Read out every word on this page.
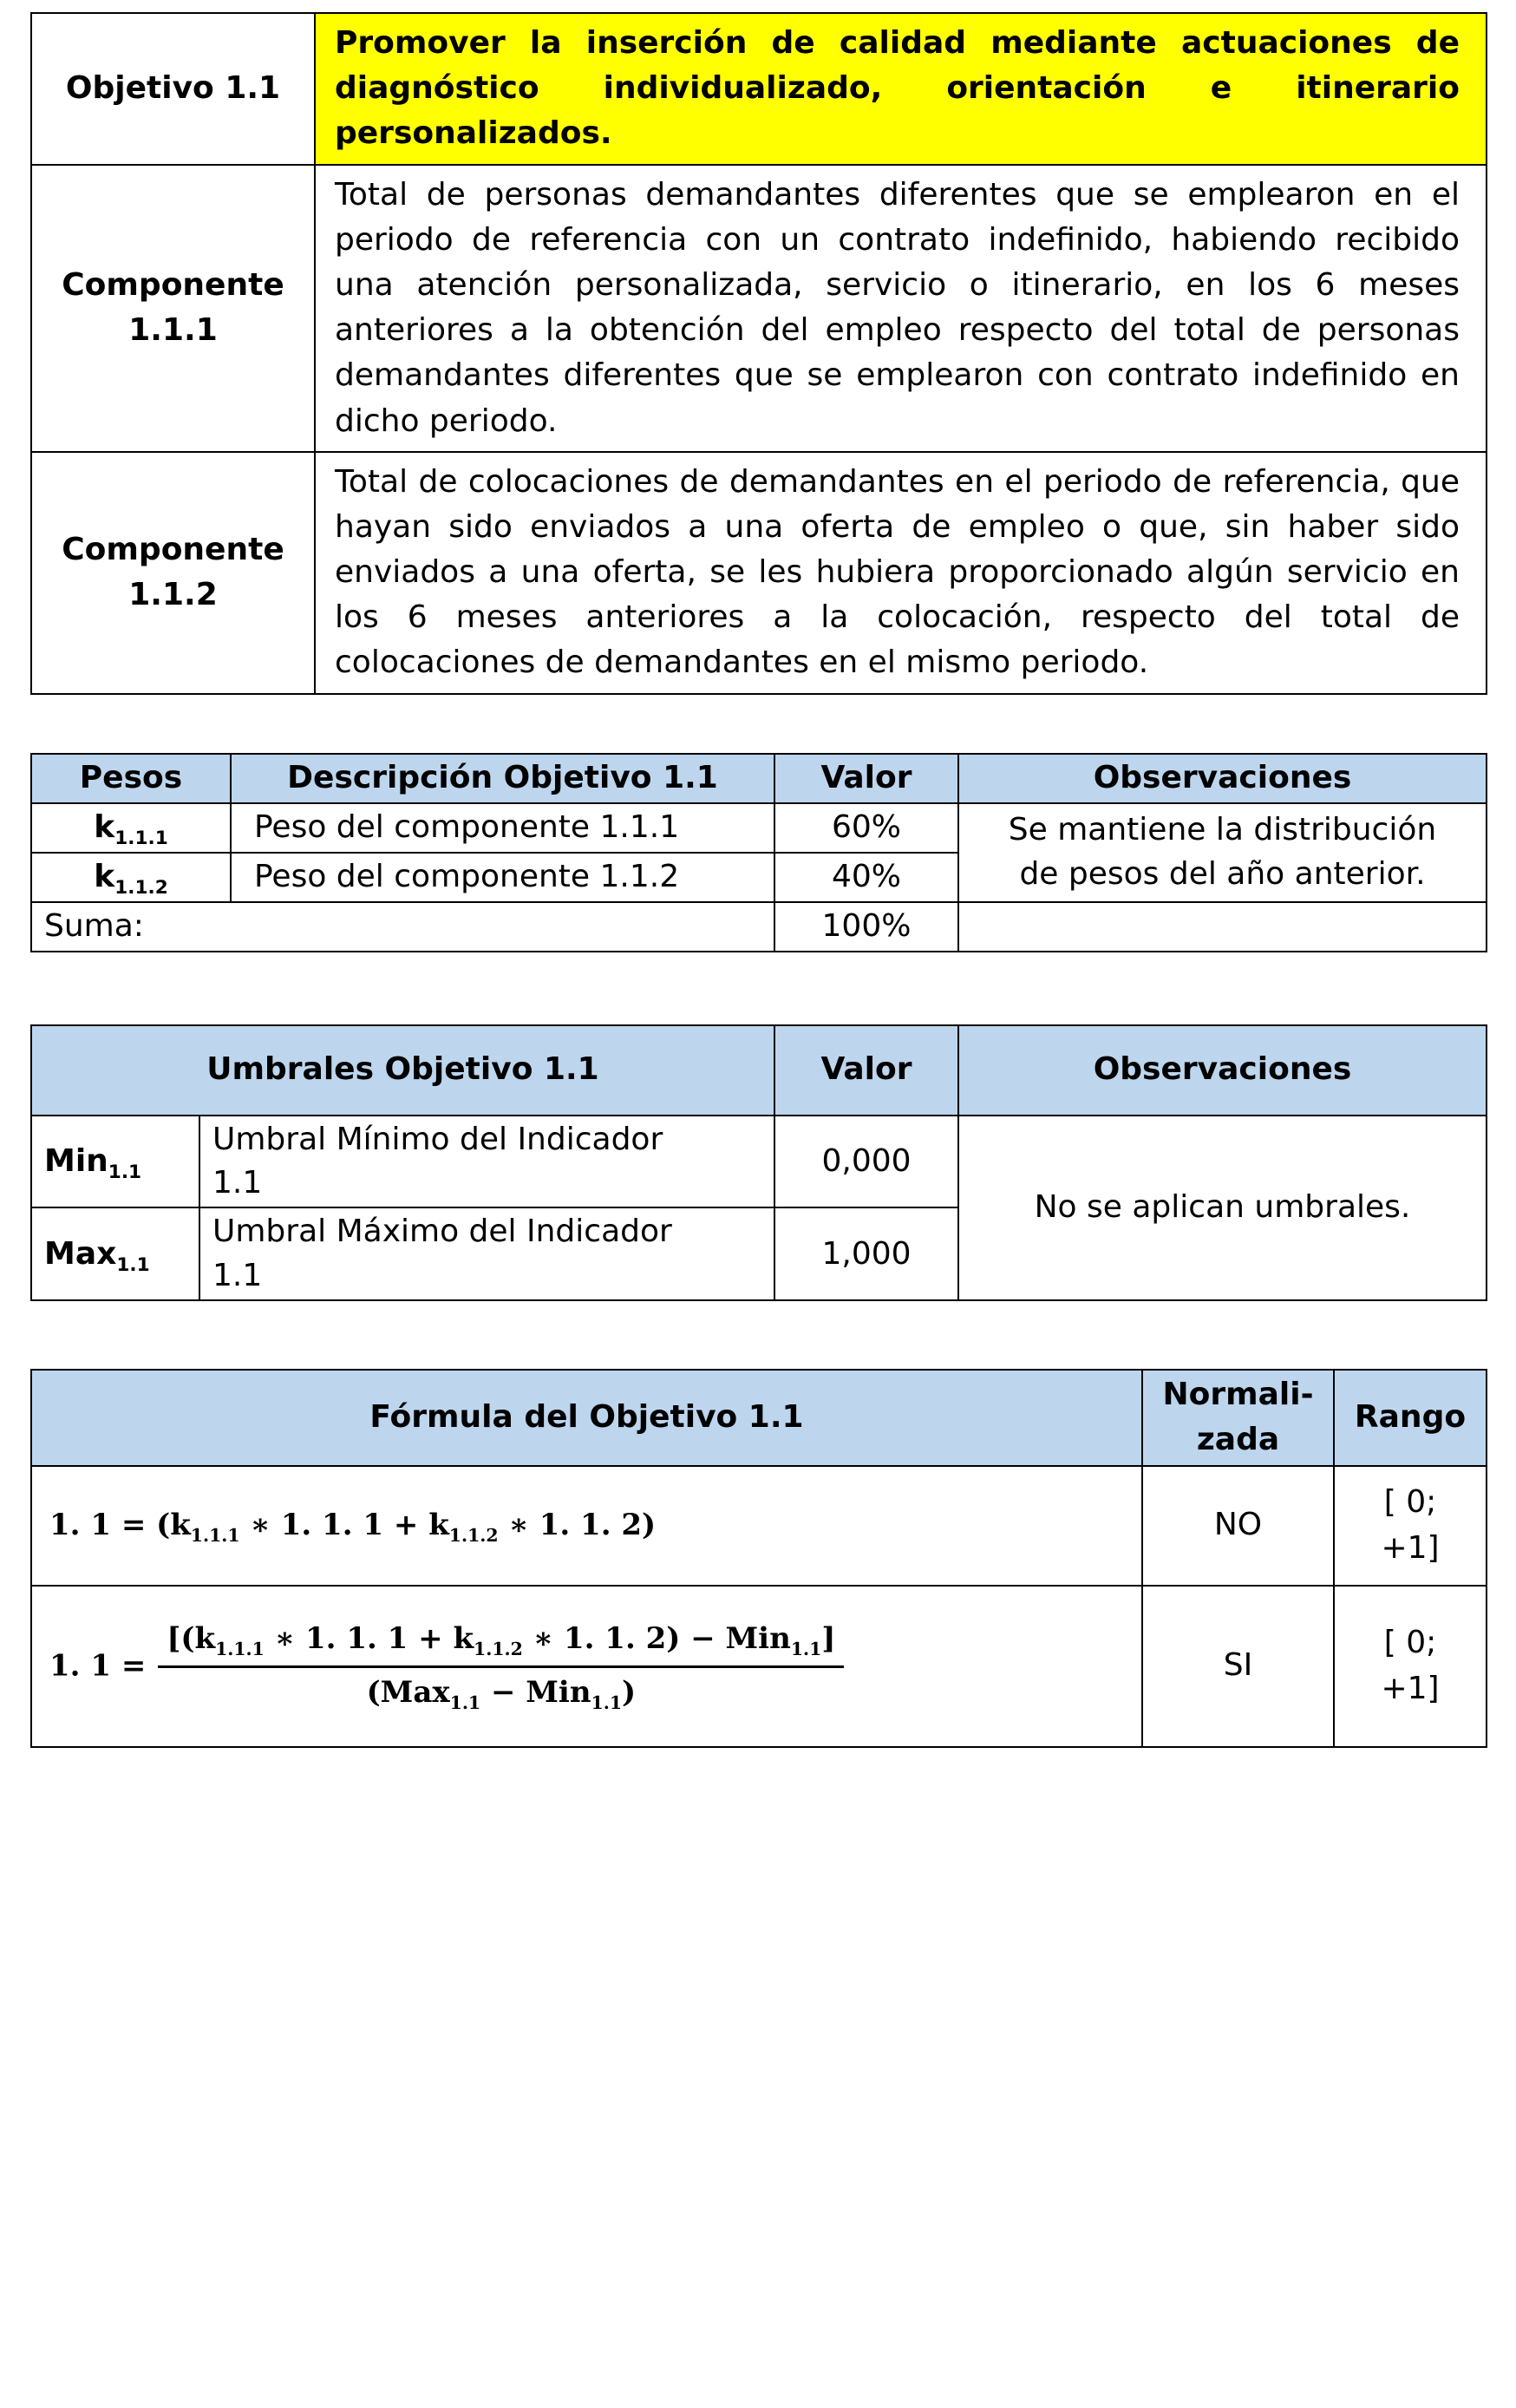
Objetivo 1.1	Promover la inserción de calidad mediante actuaciones de diagnóstico individualizado, orientación e itinerario personalizados.
Componente 1.1.1	Total de personas demandantes diferentes que se emplearon en el periodo de referencia con un contrato indefinido, habiendo recibido una atención personalizada, servicio o itinerario, en los 6 meses anteriores a la obtención del empleo respecto del total de personas demandantes diferentes que se emplearon con contrato indefinido en dicho periodo.
Componente 1.1.2	Total de colocaciones de demandantes en el periodo de referencia, que hayan sido enviados a una oferta de empleo o que, sin haber sido enviados a una oferta, se les hubiera proporcionado algún servicio en los 6 meses anteriores a la colocación, respecto del total de colocaciones de demandantes en el mismo periodo.
Pesos	Descripción Objetivo 1.1	Valor	Observaciones
$k_{1.1.1}$	Peso del componente 1.1.1	60%	Se mantiene la distribución de pesos del año anterior.
$k_{1.1.2}$	Peso del componente 1.1.2	40%	
Suma:		100%	
Umbrales Objetivo 1.1		Valor	Observaciones
Min$_{1.1}$	Umbral Mínimo del Indicador 1.1	0,000	No se aplican umbrales.
Max$_{1.1}$	Umbral Máximo del Indicador 1.1	1,000	
Fórmula del Objetivo 1.1	Normali-zada	Rango
1. $1 = (k_{1.1.1}$ ∗ 1. 1. $1 + k_{1.1.2}$ ∗ 1. 1. 2)	NO	[ 0; +1]
1. $1 = \frac{[(k_{1.1.1} ∗ 1. 1. 1 + k_{1.1.2} ∗ 1. 1. 2) - Min_{1.1}]}{(Max_{1.1} - Min_{1.1})}$	SI	[ 0; +1]
